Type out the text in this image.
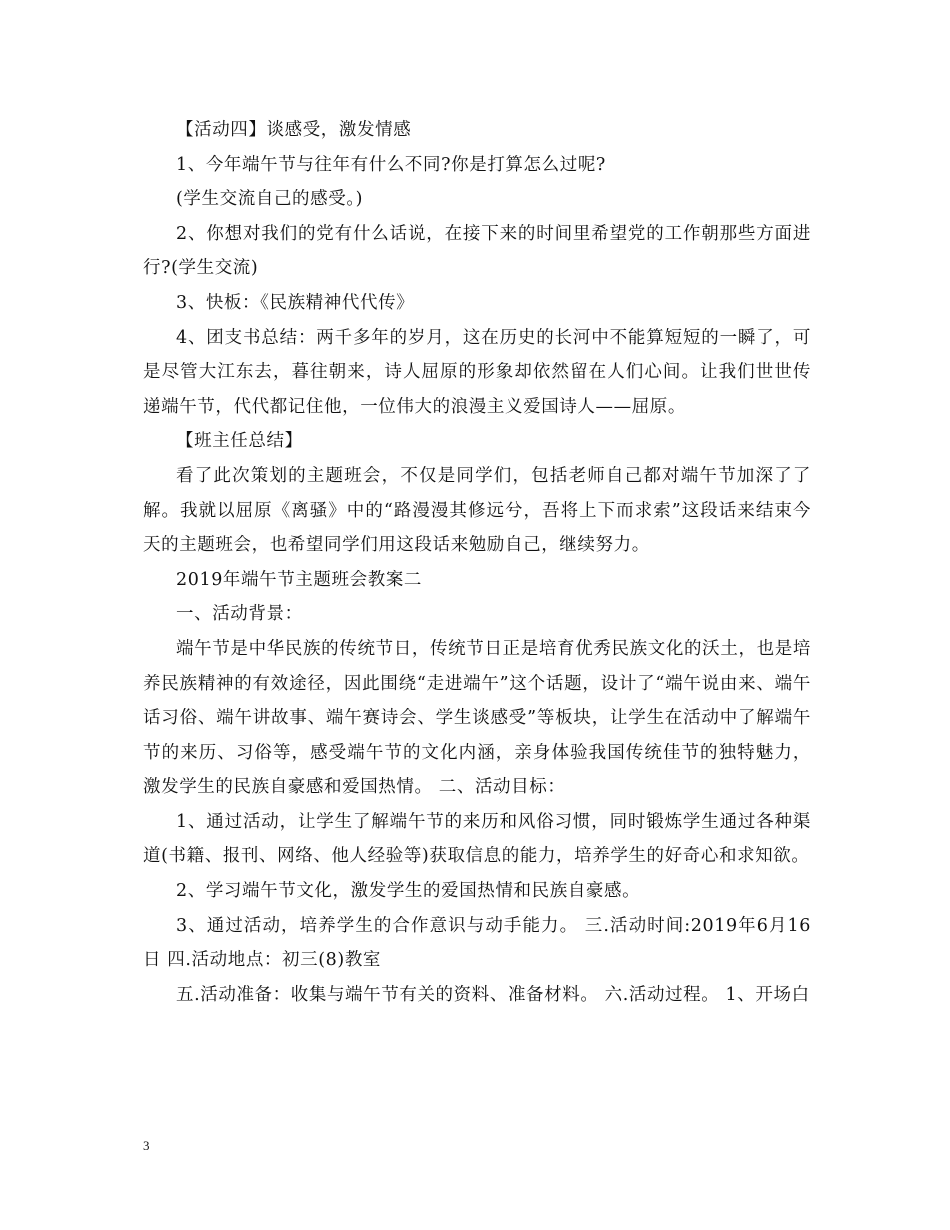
【活动四】谈感受，激发情感

1、今年端午节与往年有什么不同?你是打算怎么过呢?

(学生交流自己的感受。)

2、你想对我们的党有什么话说，在接下来的时间里希望党的工作朝那些方面进行?(学生交流)

3、快板：《民族精神代代传》

4、团支书总结：两千多年的岁月，这在历史的长河中不能算短短的一瞬了，可是尽管大江东去，暮往朝来，诗人屈原的形象却依然留在人们心间。让我们世世传递端午节，代代都记住他，一位伟大的浪漫主义爱国诗人——屈原。

【班主任总结】

看了此次策划的主题班会，不仅是同学们，包括老师自己都对端午节加深了了解。我就以屈原《离骚》中的“路漫漫其修远兮，吾将上下而求索”这段话来结束今天的主题班会，也希望同学们用这段话来勉励自己，继续努力。

2019年端午节主题班会教案二

一、活动背景：

端午节是中华民族的传统节日，传统节日正是培育优秀民族文化的沃土，也是培养民族精神的有效途径，因此围绕“走进端午”这个话题，设计了“端午说由来、端午话习俗、端午讲故事、端午赛诗会、学生谈感受”等板块，让学生在活动中了解端午节的来历、习俗等，感受端午节的文化内涵，亲身体验我国传统佳节的独特魅力，激发学生的民族自豪感和爱国热情。 二、活动目标：

1、通过活动，让学生了解端午节的来历和风俗习惯，同时锻炼学生通过各种渠道(书籍、报刊、网络、他人经验等)获取信息的能力，培养学生的好奇心和求知欲。

2、学习端午节文化，激发学生的爱国热情和民族自豪感。

3、通过活动，培养学生的合作意识与动手能力。 三.活动时间:2019年6月16日 四.活动地点：初三(8)教室

五.活动准备：收集与端午节有关的资料、准备材料。 六.活动过程。 1、开场白

3
